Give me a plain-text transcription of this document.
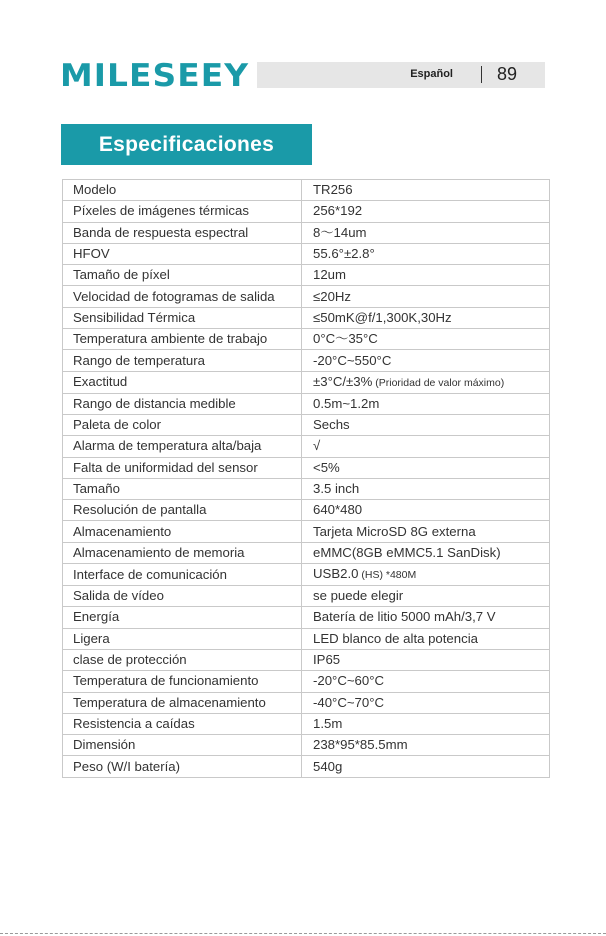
MILESEEY	Español 89
Especificaciones
Modelo	TR256
Píxeles de imágenes térmicas	256*192
Banda de respuesta espectral	8〜14um
HFOV	55.6°±2.8°
Tamaño de píxel	12um
Velocidad de fotogramas de salida	≤20Hz
Sensibilidad Térmica	≤50mK@f/1,300K,30Hz
Temperatura ambiente de trabajo	0°C〜35°C
Rango de temperatura	-20°C~550°C
Exactitud	±3°C/±3% (Prioridad de valor máximo)
Rango de distancia medible	0.5m~1.2m
Paleta de color	Sechs
Alarma de temperatura alta/baja	√
Falta de uniformidad del sensor	<5%
Tamaño	3.5 inch
Resolución de pantalla	640*480
Almacenamiento	Tarjeta MicroSD 8G externa
Almacenamiento de memoria	eMMC(8GB eMMC5.1 SanDisk)
Interface de comunicación	USB2.0 (HS) *480M
Salida de vídeo	se puede elegir
Energía	Batería de litio 5000 mAh/3,7 V
Ligera	LED blanco de alta potencia
clase de protección	IP65
Temperatura de funcionamiento	-20°C~60°C
Temperatura de almacenamiento	-40°C~70°C
Resistencia a caídas	1.5m
Dimensión	238*95*85.5mm
Peso (W/I batería)	540g
